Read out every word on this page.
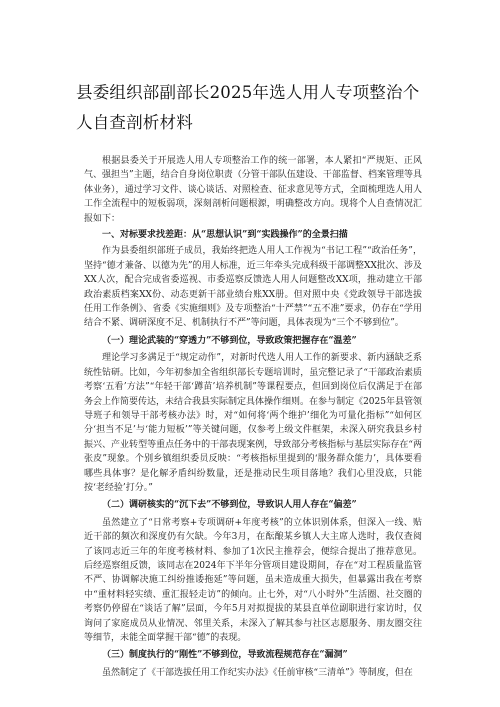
县委组织部副部长2025年选人用人专项整治个人自查剖析材料

根据县委关于开展选人用人专项整治工作的统一部署，本人紧扣“严规矩、正风气、强担当”主题，结合自身岗位职责（分管干部队伍建设、干部监督、档案管理等具体业务），通过学习文件、谈心谈话、对照检查、征求意见等方式，全面梳理选人用人工作全流程中的短板弱项，深刻剖析问题根源，明确整改方向。现将个人自查情况汇报如下：

一、对标要求找差距：从“思想认识”到“实践操作”的全景扫描

作为县委组织部班子成员，我始终把选人用人工作视为“书记工程”“政治任务”，坚持“德才兼备、以德为先”的用人标准，近三年牵头完成科级干部调整XX批次、涉及XX人次，配合完成省委巡视、市委巡察反馈选人用人问题整改XX项，推动建立干部政治素质档案XX份、动态更新干部业绩台账XX册。但对照中央《党政领导干部选拔任用工作条例》、省委《实施细则》及专项整治“十严禁”“五不准”要求，仍存在“学用结合不紧、调研深度不足、机制执行不严”等问题，具体表现为“三个不够到位”。

（一）理论武装的“穿透力”不够到位，导致政策把握存在“温差”

理论学习多满足于“规定动作”，对新时代选人用人工作的新要求、新内涵缺乏系统性钻研。比如，今年初参加全省组织部长专题培训时，虽完整记录了“干部政治素质考察‘五看’方法”“年轻干部‘蹲苗’培养机制”等课程要点，但回到岗位后仅满足于在部务会上作简要传达，未结合我县实际制定具体操作细则。在参与制定《2025年县管领导班子和领导干部考核办法》时，对“如何将‘两个维护’细化为可量化指标”“如何区分‘担当不足’与‘能力短板’”等关键问题，仅参考上级文件框架，未深入研究我县乡村振兴、产业转型等重点任务中的干部表现案例，导致部分考核指标与基层实际存在“两张皮”现象。个别乡镇组织委员反映：“考核指标里提到的‘服务群众能力’，具体要看哪些具体事？是化解矛盾纠纷数量，还是推动民生项目落地？我们心里没底，只能按‘老经验’打分。”

（二）调研核实的“沉下去”不够到位，导致识人用人存在“偏差”

虽然建立了“日常考察+专项调研+年度考核”的立体识别体系，但深入一线、贴近干部的频次和深度仍有欠缺。今年3月，在酝酿某乡镇人大主席人选时，我仅查阅了该同志近三年的年度考核材料、参加了1次民主推荐会，便综合提出了推荐意见。后经巡察组反馈，该同志在2024年下半年分管项目建设期间，存在“对工程质量监管不严、协调解决施工纠纷推诿拖延”等问题，虽未造成重大损失，但暴露出我在考察中“重材料轻实绩、重汇报轻走访”的倾向。止七外，对“八小时外”生活圈、社交圈的考察仍停留在“谈话了解”层面，今年5月对拟提拔的某县直单位副职进行家访时，仅询问了家庭成员从业情况、邻里关系，未深入了解其参与社区志愿服务、朋友圈交往等细节，未能全面掌握干部“德”的表现。

（三）制度执行的“刚性”不够到位，导致流程规范存在“漏洞”

虽然制定了《干部选拔任用工作纪实办法》《任前审核“三清单”》等制度，但在
